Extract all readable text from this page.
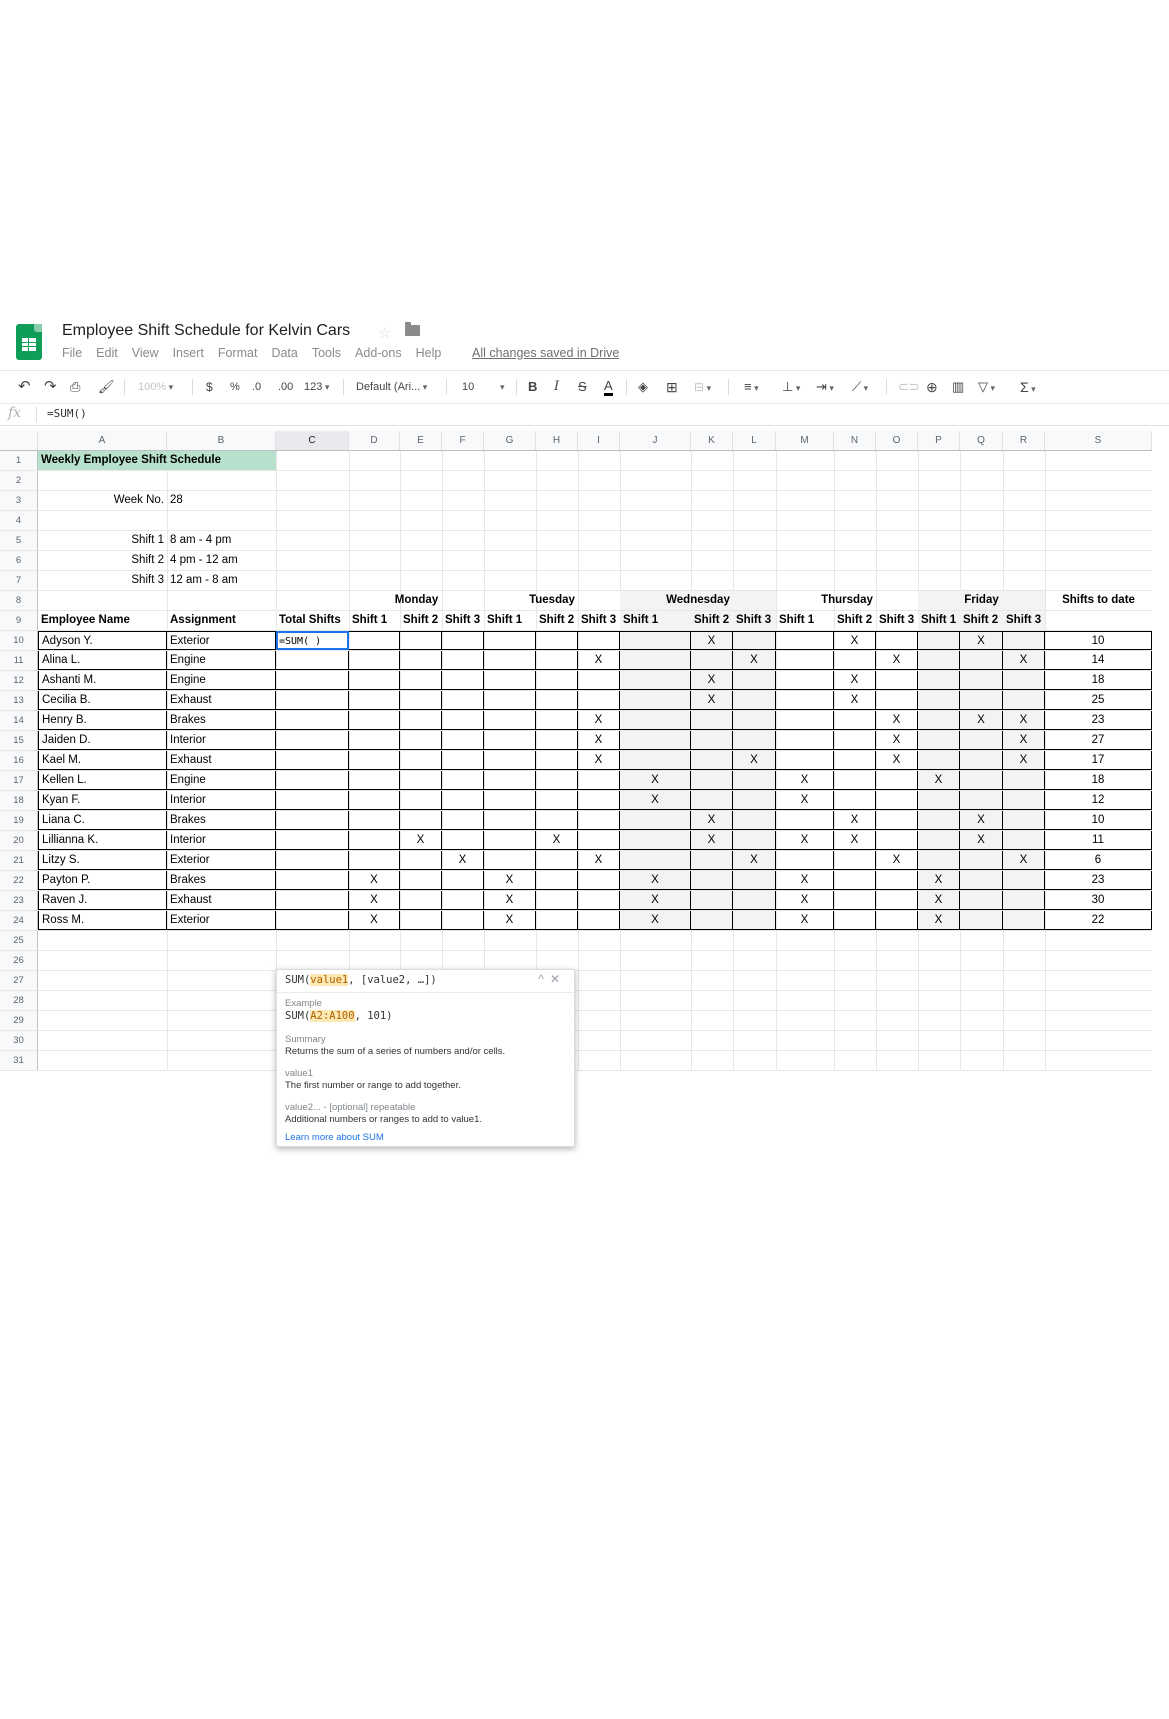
Employee Shift Schedule for Kelvin Cars ☆
File Edit View Insert Format Data Tools Add-ons Help	All changes saved in Drive
↶ ↷ ⎙ 🖌 100% ▾	$ % .0 .00 123 ▾	Default (Ari... ▾	10	▾ B I S A ◈ ⊞ ⊟ ▾	≡ ▾	⊥ ▾	⇥ ▾	⟋ ▾	⊂⊃ ⊕ ▥ ▽ ▾	Σ ▾
fx =SUM()
A	B	C	D	E	F	G	H	I	J	K	L	M	N	O	P	Q	R	S
1	Weekly Employee Shift Schedule
2
3	Week No. 28
4
5	Shift 1 8 am - 4 pm
6	Shift 2 4 pm - 12 am
7	Shift 3 12 am - 8 am
8	Monday	Tuesday	Wednesday	Thursday	Friday	Shifts to date
9	Employee Name	Assignment	Total Shifts Shift 1	Shift 2 Shift 3 Shift 1	Shift 2 Shift 3 Shift 1	Shift 2 Shift 3 Shift 1	Shift 2 Shift 3 Shift 1 Shift 2 Shift 3
10	Adyson Y.	Exterior	=SUM( )	X	X	X	10
11	Alina L.	Engine	X	X	X	X	14
12	Ashanti M.	Engine	X	X	18
13	Cecilia B.	Exhaust	X	X	25
14	Henry B.	Brakes	X	X	X	X	23
15	Jaiden D.	Interior	X	X	X	27
16	Kael M.	Exhaust	X	X	X	X	17
17	Kellen L.	Engine	X	X	X	18
18	Kyan F.	Interior	X	X	12
19	Liana C.	Brakes	X	X	X	10
20	Lillianna K.	Interior	X	X	X	X	X	X	11
21	Litzy S.	Exterior	X	X	X	X	X	6
22	Payton P.	Brakes	X	X	X	X	X	23
23	Raven J.	Exhaust	X	X	X	X	X	30
24	Ross M.	Exterior	X	X	X	X	X	22
25
26
27
28
29
30
31
SUM(value1, [value2, …])	^✕
Example
SUM(A2:A100, 101)
Summary
Returns the sum of a series of numbers and/or cells.
value1
The first number or range to add together.
value2... - [optional] repeatable
Additional numbers or ranges to add to value1.
Learn more about SUM
